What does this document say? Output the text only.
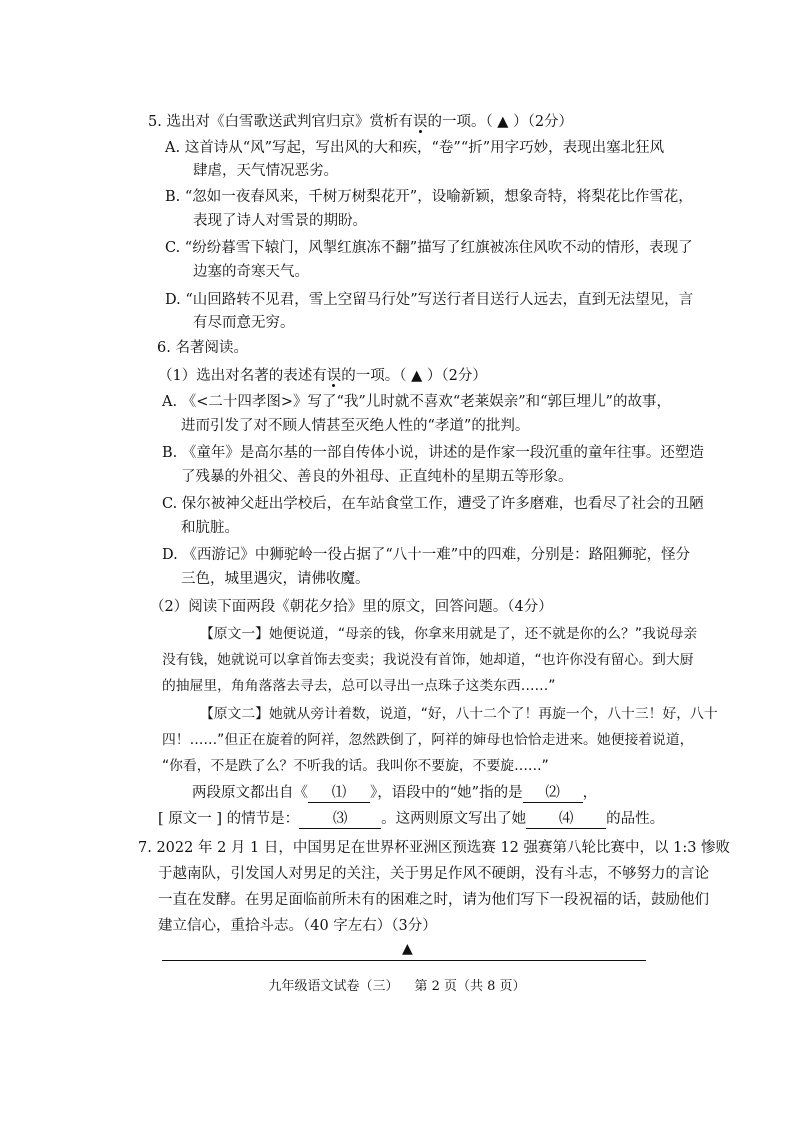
5. 选出对《白雪歌送武判官归京》赏析有误的一项。（ ▲ ）（2分）
A. 这首诗从“风”写起，写出风的大和疾，“卷”“折”用字巧妙，表现出塞北狂风
肆虐，天气情况恶劣。
B. “忽如一夜春风来，千树万树梨花开”，设喻新颖，想象奇特，将梨花比作雪花，
表现了诗人对雪景的期盼。
C. “纷纷暮雪下辕门，风掣红旗冻不翻”描写了红旗被冻住风吹不动的情形，表现了
边塞的奇寒天气。
D. “山回路转不见君，雪上空留马行处”写送行者目送行人远去，直到无法望见，言
有尽而意无穷。
6. 名著阅读。
（1）选出对名著的表述有误的一项。（ ▲ ）（2分）
A. 《<二十四孝图>》写了“我”儿时就不喜欢“老莱娱亲”和“郭巨埋儿”的故事，
进而引发了对不顾人情甚至灭绝人性的“孝道”的批判。
B. 《童年》是高尔基的一部自传体小说，讲述的是作家一段沉重的童年往事。还塑造
了残暴的外祖父、善良的外祖母、正直纯朴的星期五等形象。
C. 保尔被神父赶出学校后，在车站食堂工作，遭受了许多磨难，也看尽了社会的丑陋
和肮脏。
D. 《西游记》中狮驼岭一役占据了“八十一难”中的四难，分别是：路阻狮驼，怪分
三色，城里遇灾，请佛收魔。
（2）阅读下面两段《朝花夕拾》里的原文，回答问题。（4分）
【原文一】她便说道，“母亲的钱，你拿来用就是了，还不就是你的么？”我说母亲
没有钱，她就说可以拿首饰去变卖；我说没有首饰，她却道，“也许你没有留心。到大厨
的抽屉里，角角落落去寻去，总可以寻出一点珠子这类东西……”
【原文二】她就从旁计着数，说道，“好，八十二个了！再旋一个，八十三！好，八十
四！……”但正在旋着的阿祥，忽然跌倒了，阿祥的婶母也恰恰走进来。她便接着说道，
“你看，不是跌了么？不听我的话。我叫你不要旋，不要旋……”
两段原文都出自《 ⑴ 》，语段中的“她”指的是 ⑵ ，
[ 原文一 ] 的情节是： ⑶ 。这两则原文写出了她 ⑷ 的品性。
7. 2022 年 2 月 1 日，中国男足在世界杯亚洲区预选赛 12 强赛第八轮比赛中，以 1:3 惨败
于越南队，引发国人对男足的关注，关于男足作风不硬朗，没有斗志，不够努力的言论
一直在发酵。在男足面临前所未有的困难之时，请为他们写下一段祝福的话，鼓励他们
建立信心，重拾斗志。（40 字左右）（3分）
▲
九年级语文试卷（三） 第 2 页（共 8 页）
